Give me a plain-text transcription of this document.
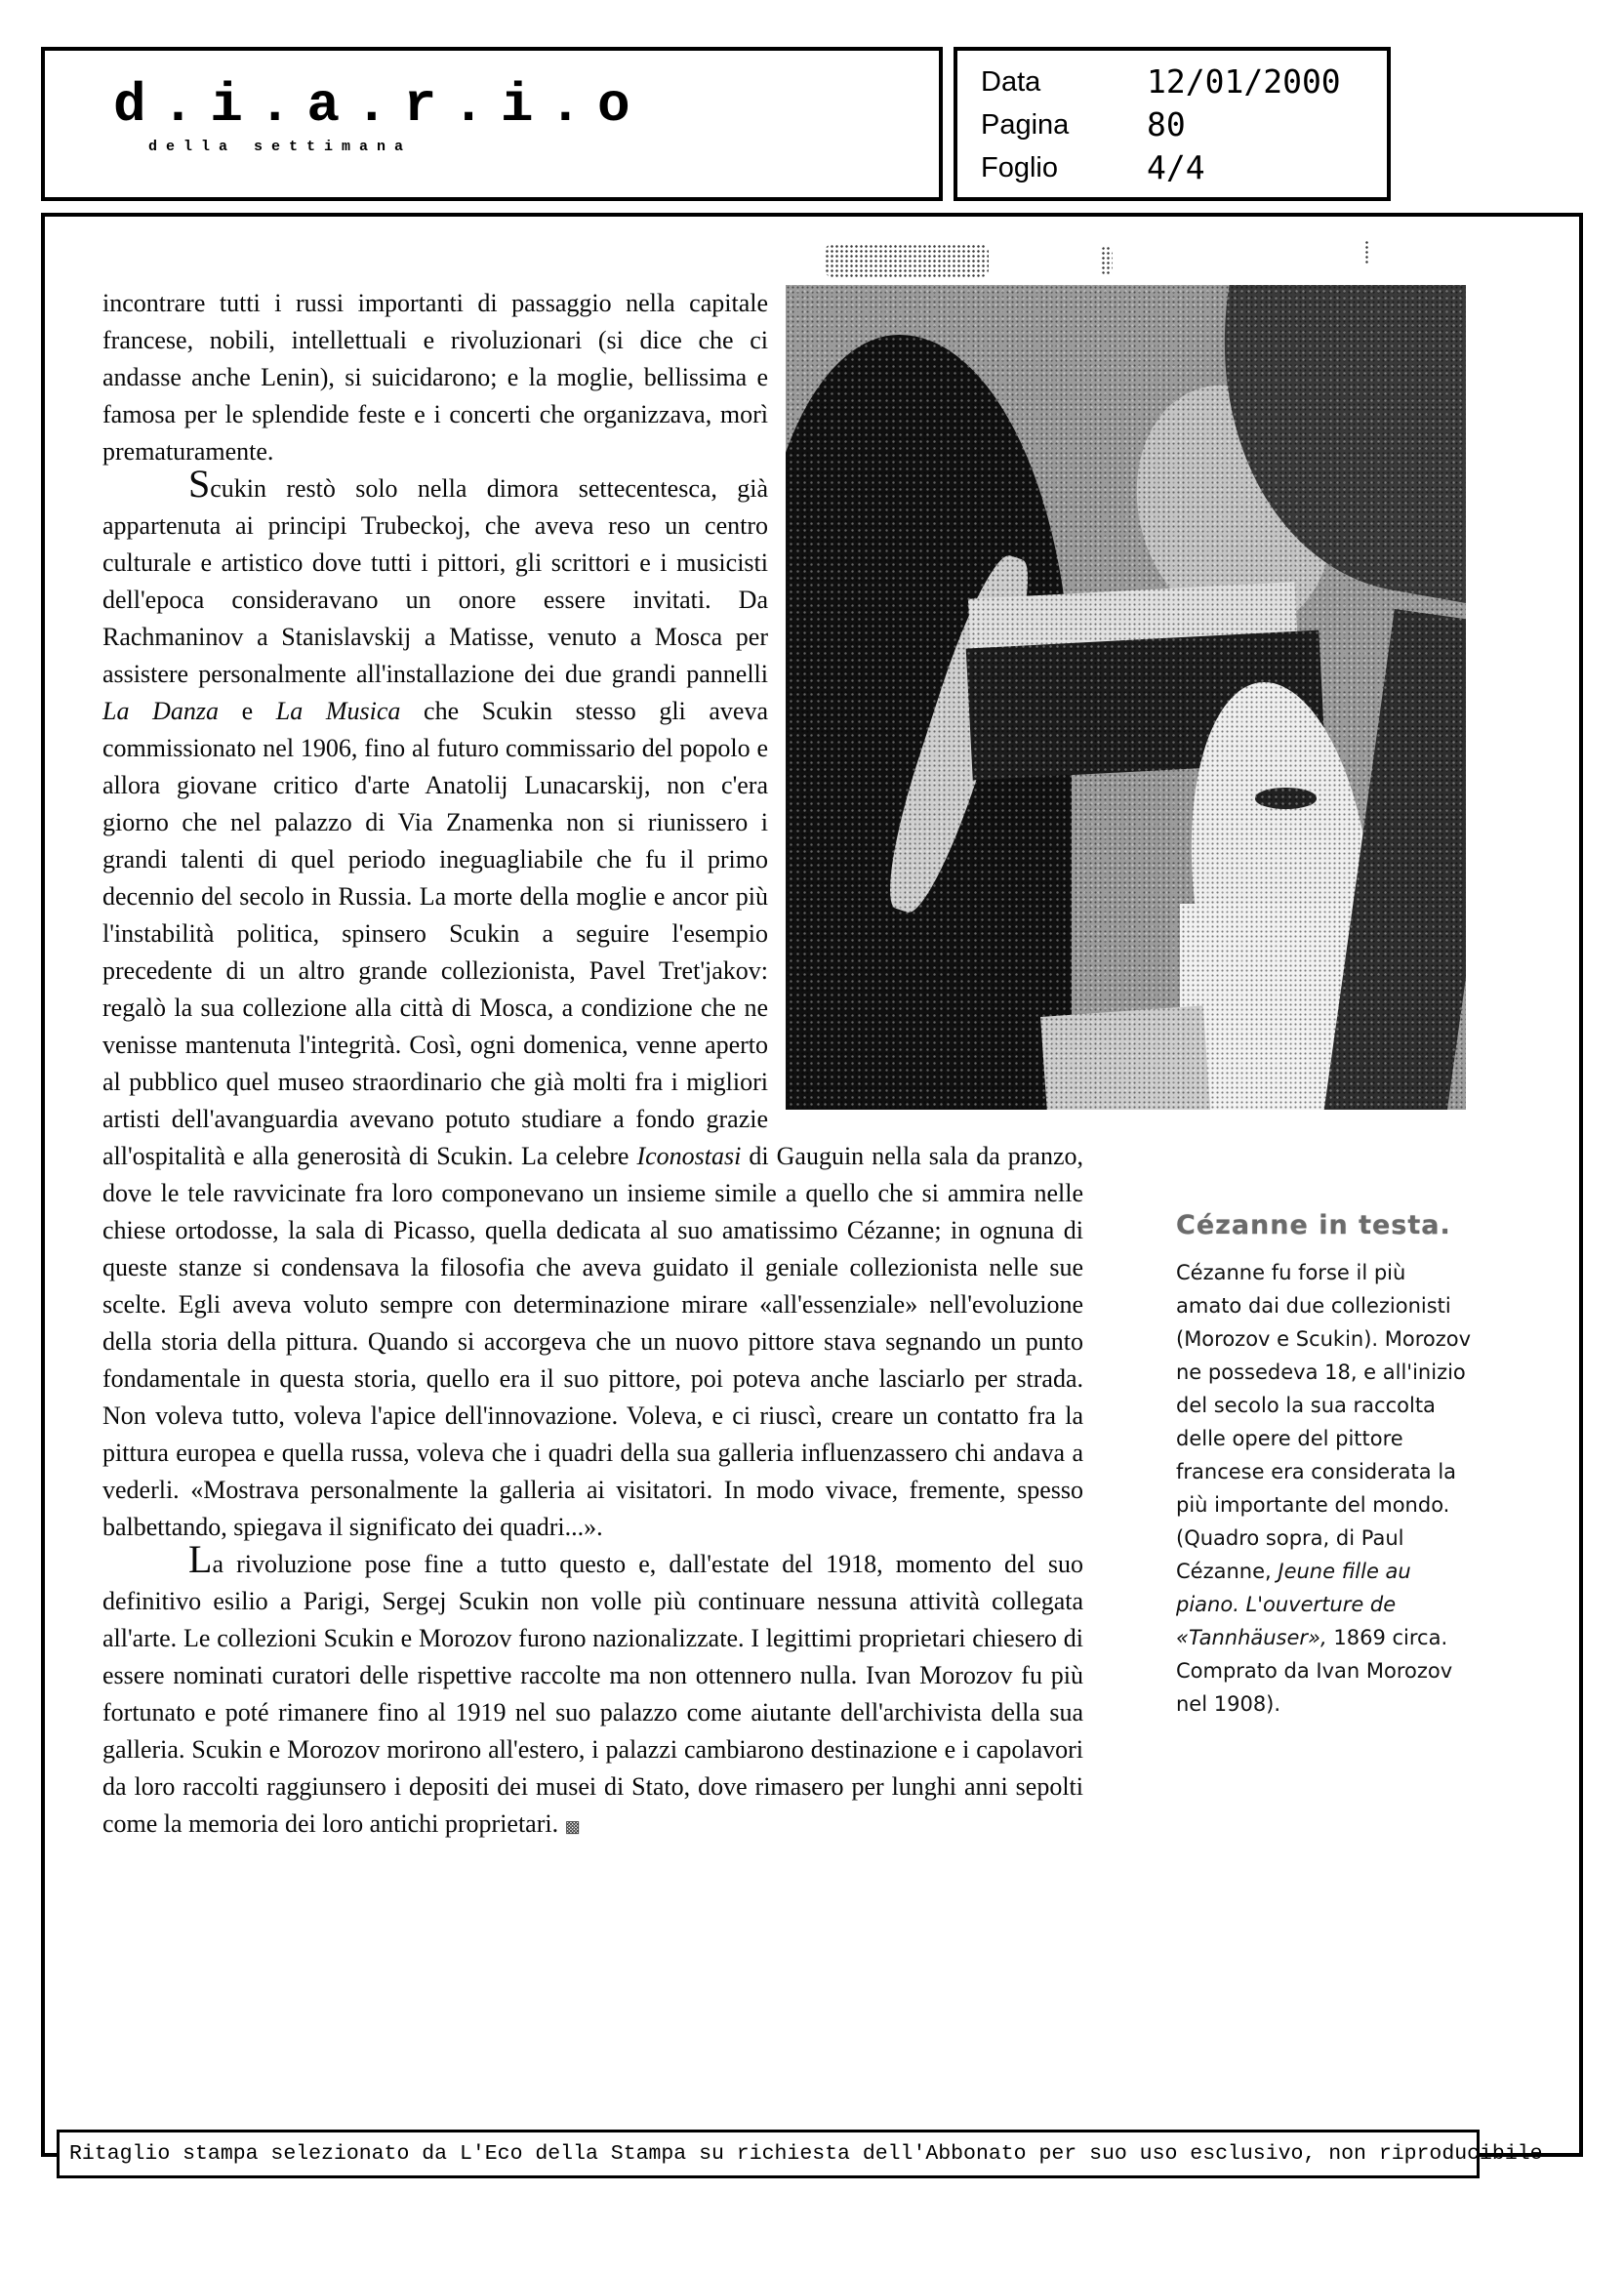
d.i.a.r.i.o
della settimana
Data	12/01/2000
Pagina 80
Foglio	4/4

incontrare tutti i russi importanti di passaggio nella capitale francese, nobili, intellettuali e rivoluzionari (si dice che ci andasse anche Lenin), si suicidarono; e la moglie, bellissima e famosa per le splendide feste e i concerti che organizzava, morì prematuramente.

Scukin restò solo nella dimora settecentesca, già appartenuta ai principi Trubeckoj, che aveva reso un centro culturale e artistico dove tutti i pittori, gli scrittori e i musicisti dell'epoca consideravano un onore essere invitati. Da Rachmaninov a Stanislavskij a Matisse, venuto a Mosca per assistere personalmente all'installazione dei due grandi pannelli La Danza e La Musica che Scukin stesso gli aveva commissionato nel 1906, fino al futuro commissario del popolo e allora giovane critico d'arte Anatolij Lunacarskij, non c'era giorno che nel palazzo di Via Znamenka non si riunissero i grandi talenti di quel periodo ineguagliabile che fu il primo decennio del secolo in Russia. La morte della moglie e ancor più l'instabilità politica, spinsero Scukin a seguire l'esempio precedente di un altro grande collezionista, Pavel Tret'jakov: regalò la sua collezione alla città di Mosca, a condizione che ne venisse mantenuta l'integrità. Così, ogni domenica, venne aperto al pubblico quel museo straordinario che già molti fra i migliori artisti dell'avanguardia avevano potuto studiare a fondo grazie all'ospitalità e alla generosità di Scukin. La celebre Iconostasi di Gauguin nella sala da pranzo, dove le tele ravvicinate fra loro componevano un insieme simile a quello che si ammira nelle chiese ortodosse, la sala di Picasso, quella dedicata al suo amatissimo Cézanne; in ognuna di queste stanze si condensava la filosofia che aveva guidato il geniale collezionista nelle sue scelte. Egli aveva voluto sempre con determinazione mirare «all'essenziale» nell'evoluzione della storia della pittura. Quando si accorgeva che un nuovo pittore stava segnando un punto fondamentale in questa storia, quello era il suo pittore, poi poteva anche lasciarlo per strada. Non voleva tutto, voleva l'apice dell'innovazione. Voleva, e ci riuscì, creare un contatto fra la pittura europea e quella russa, voleva che i quadri della sua galleria influenzassero chi andava a vederli. «Mostrava personalmente la galleria ai visitatori. In modo vivace, fremente, spesso balbettando, spiegava il significato dei quadri...».

La rivoluzione pose fine a tutto questo e, dall'estate del 1918, momento del suo definitivo esilio a Parigi, Sergej Scukin non volle più continuare nessuna attività collegata all'arte. Le collezioni Scukin e Morozov furono nazionalizzate. I legittimi proprietari chiesero di essere nominati curatori delle rispettive raccolte ma non ottennero nulla. Ivan Morozov fu più fortunato e poté rimanere fino al 1919 nel suo palazzo come aiutante dell'archivista della sua galleria. Scukin e Morozov morirono all'estero, i palazzi cambiarono destinazione e i capolavori da loro raccolti raggiunsero i depositi dei musei di Stato, dove rimasero per lunghi anni sepolti come la memoria dei loro antichi proprietari. ▩

Cézanne in testa.
Cézanne fu forse il più amato dai due collezionisti (Morozov e Scukin). Morozov ne possedeva 18, e all'inizio del secolo la sua raccolta delle opere del pittore francese era considerata la più importante del mondo. (Quadro sopra, di Paul Cézanne, Jeune fille au piano. L'ouverture de «Tannhäuser», 1869 circa. Comprato da Ivan Morozov nel 1908).
Ritaglio stampa selezionato da L'Eco della Stampa su richiesta dell'Abbonato per suo uso esclusivo, non riproducibile
